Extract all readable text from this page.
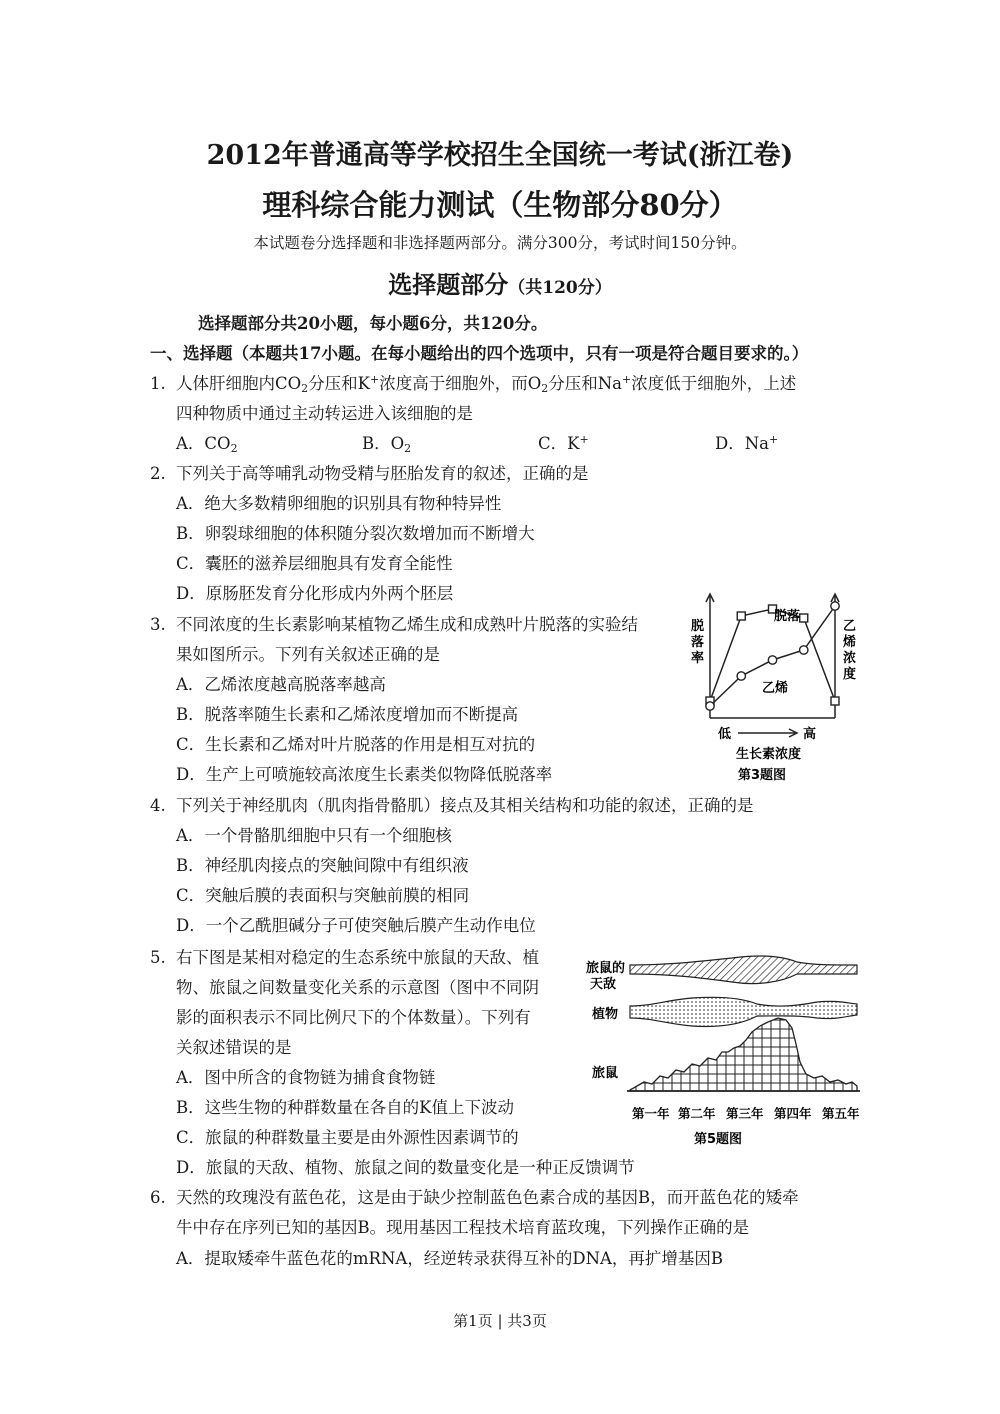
2012年普通高等学校招生全国统一考试(浙江卷)
理科综合能力测试（生物部分80分）
本试题卷分选择题和非选择题两部分。满分300分，考试时间150分钟。
选择题部分（共120分）
选择题部分共20小题，每小题6分，共120分。
一、选择题（本题共17小题。在每小题给出的四个选项中，只有一项是符合题目要求的。）
1. 人体肝细胞内$CO_2$分压和K+浓度高于细胞外，而$O_2$分压和Na+浓度低于细胞外，上述
四种物质中通过主动转运进入该细胞的是
A．$CO_2$	B．$O_2$	C．K+	D．Na+
2. 下列关于高等哺乳动物受精与胚胎发育的叙述，正确的是
A．绝大多数精卵细胞的识别具有物种特异性
B．卵裂球细胞的体积随分裂次数增加而不断增大
C．囊胚的滋养层细胞具有发育全能性
D．原肠胚发育分化形成内外两个胚层
3. 不同浓度的生长素影响某植物乙烯生成和成熟叶片脱落的实验结
果如图所示。下列有关叙述正确的是
A．乙烯浓度越高脱落率越高
B．脱落率随生长素和乙烯浓度增加而不断提高
C．生长素和乙烯对叶片脱落的作用是相互对抗的
D．生产上可喷施较高浓度生长素类似物降低脱落率
脱
落
率
乙
烯
浓
度
脱落
乙烯
低	高
生长素浓度
第3题图
4. 下列关于神经肌肉（肌肉指骨骼肌）接点及其相关结构和功能的叙述，正确的是
A．一个骨骼肌细胞中只有一个细胞核
B．神经肌肉接点的突触间隙中有组织液
C．突触后膜的表面积与突触前膜的相同
D．一个乙酰胆碱分子可使突触后膜产生动作电位
5. 右下图是某相对稳定的生态系统中旅鼠的天敌、植
物、旅鼠之间数量变化关系的示意图（图中不同阴
影的面积表示不同比例尺下的个体数量）。下列有
关叙述错误的是
A．图中所含的食物链为捕食食物链
B．这些生物的种群数量在各自的K值上下波动
C．旅鼠的种群数量主要是由外源性因素调节的
D．旅鼠的天敌、植物、旅鼠之间的数量变化是一种正反馈调节
旅鼠的
天敌
植物
旅鼠
第一年 第二年 第三年 第四年 第五年
第5题图
6. 天然的玫瑰没有蓝色花，这是由于缺少控制蓝色色素合成的基因B，而开蓝色花的矮牵
牛中存在序列已知的基因B。现用基因工程技术培育蓝玫瑰，下列操作正确的是
A．提取矮牵牛蓝色花的mRNA，经逆转录获得互补的DNA，再扩增基因B
第1页 | 共3页
